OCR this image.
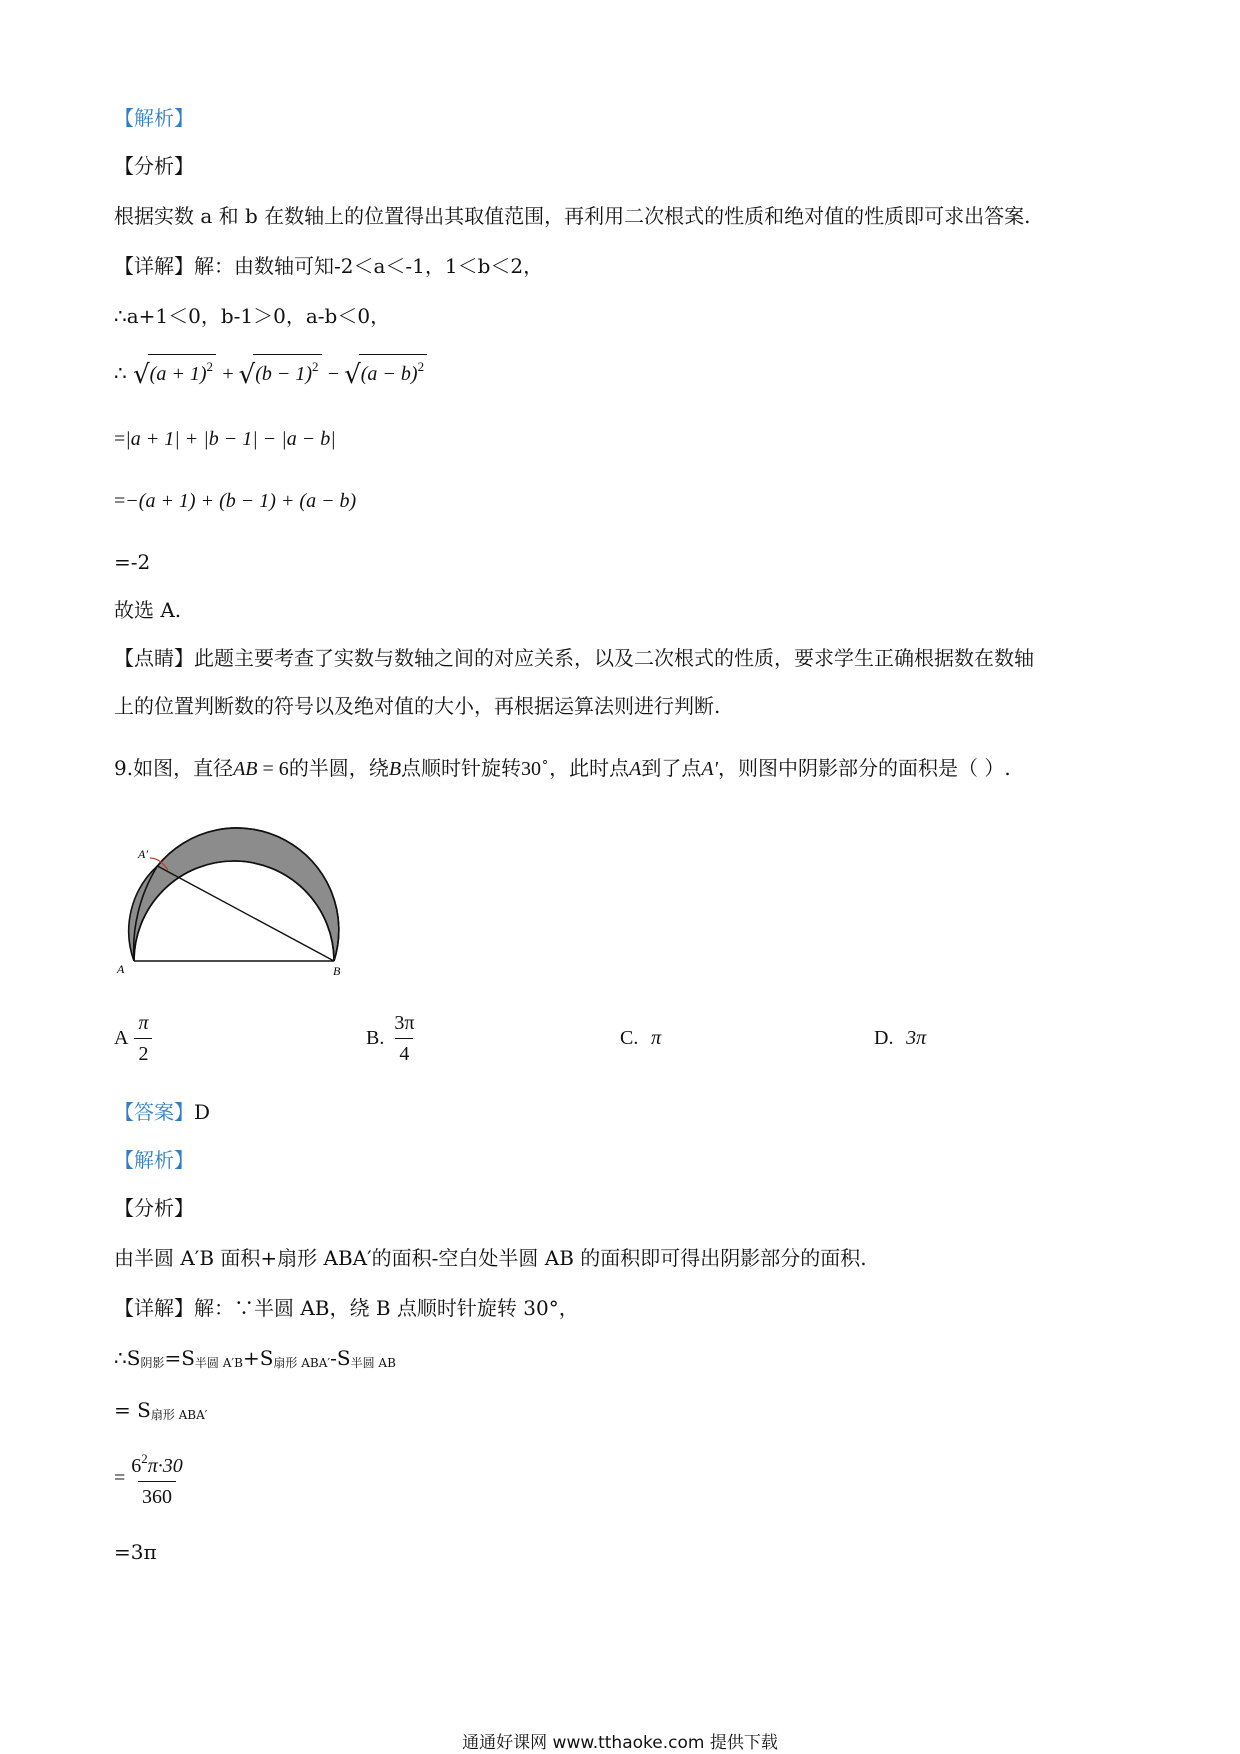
【解析】
【分析】
根据实数 a 和 b 在数轴上的位置得出其取值范围，再利用二次根式的性质和绝对值的性质即可求出答案.
【详解】解：由数轴可知-2＜a＜-1，1＜b＜2，
∴a+1＜0，b-1＞0，a-b＜0，
∴ $√(a + 1)^2 + √(b - 1)^2 - √(a - b)^2$
=|a + 1| + |b − 1| − |a − b|
=−(a + 1) + (b − 1) + (a − b)
=-2
故选 A.
【点睛】此题主要考查了实数与数轴之间的对应关系，以及二次根式的性质，要求学生正确根据数在数轴
上的位置判断数的符号以及绝对值的大小，再根据运算法则进行判断.
9.如图，直径AB = 6的半圆，绕B点顺时针旋转30∘，此时点A到了点A′，则图中阴影部分的面积是（ ）.
A′
A	B
A $\frac{\pi}{2}$	B. $\frac{3\pi}{4}$	C.
π	D.
3π
【答案】D
【解析】
【分析】
由半圆 A′B 面积+扇形 ABA′的面积-空白处半圆 AB 的面积即可得出阴影部分的面积.
【详解】解：∵半圆 AB，绕 B 点顺时针旋转 30°，
∴S阴影=S半圆 A′B+S扇形 ABA′-S半圆 AB
= S扇形 ABA′
= $\frac{6^2\pi\cdot 30}{360}$
=3π
通通好课网 www.tthaoke.com 提供下载
